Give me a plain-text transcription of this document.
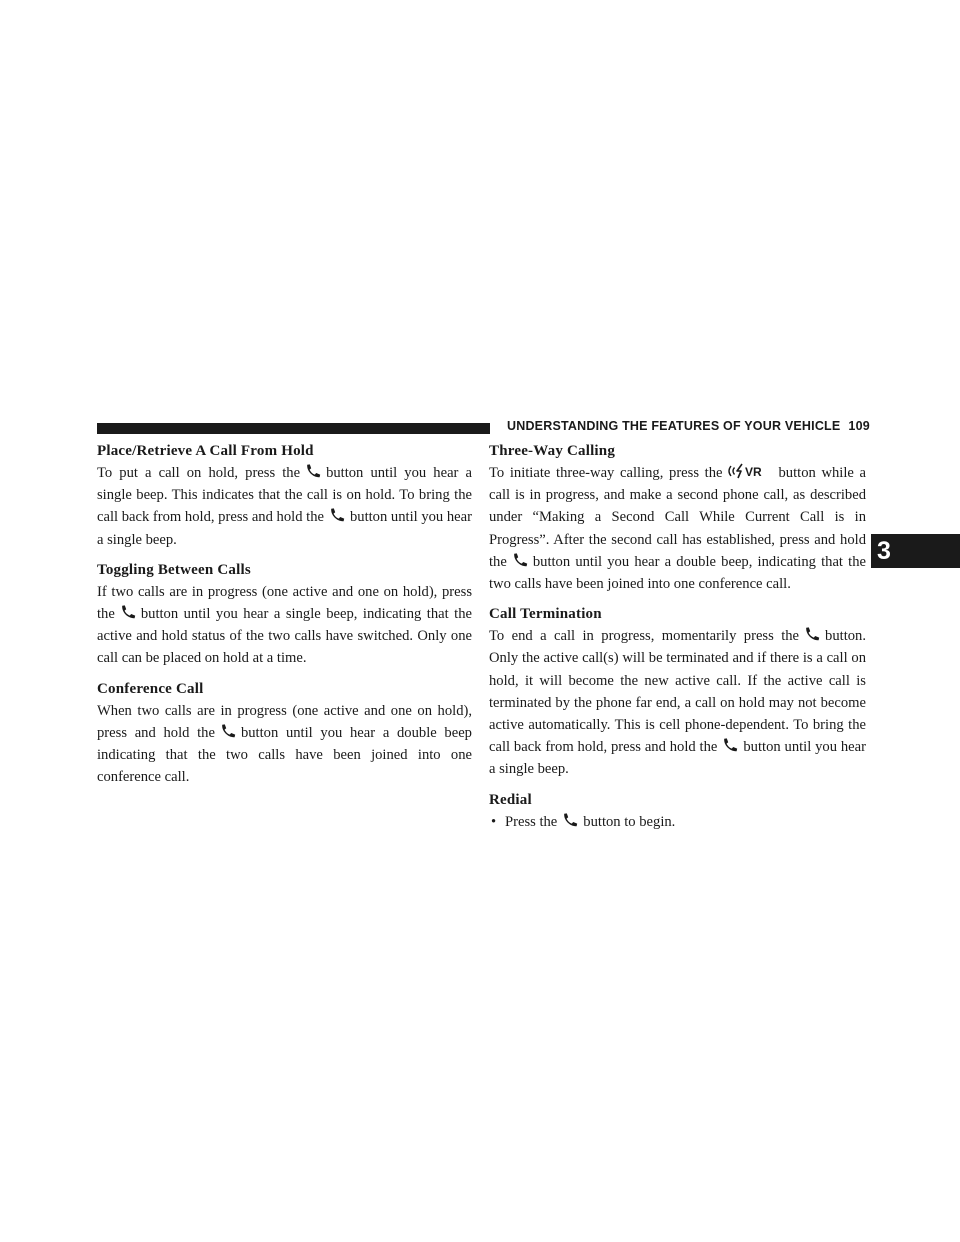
UNDERSTANDING THE FEATURES OF YOUR VEHICLE 109
3
Place/Retrieve A Call From Hold

To put a call on hold, press the button until you hear a single beep. This indicates that the call is on hold. To bring the call back from hold, press and hold the button until you hear a single beep.

Toggling Between Calls

If two calls are in progress (one active and one on hold), press the button until you hear a single beep, indicating that the active and hold status of the two calls have switched. Only one call can be placed on hold at a time.

Conference Call

When two calls are in progress (one active and one on hold), press and hold the button until you hear a double beep indicating that the two calls have been joined into one conference call.

Three-Way Calling

To initiate three-way calling, press the VR button while a call is in progress, and make a second phone call, as described under “Making a Second Call While Current Call is in Progress”. After the second call has established, press and hold the button until you hear a double beep, indicating that the two calls have been joined into one conference call.

Call Termination

To end a call in progress, momentarily press the button. Only the active call(s) will be terminated and if there is a call on hold, it will become the new active call. If the active call is terminated by the phone far end, a call on hold may not become active automatically. This is cell phone-dependent. To bring the call back from hold, press and hold the button until you hear a single beep.

Redial
• Press the button to begin.
